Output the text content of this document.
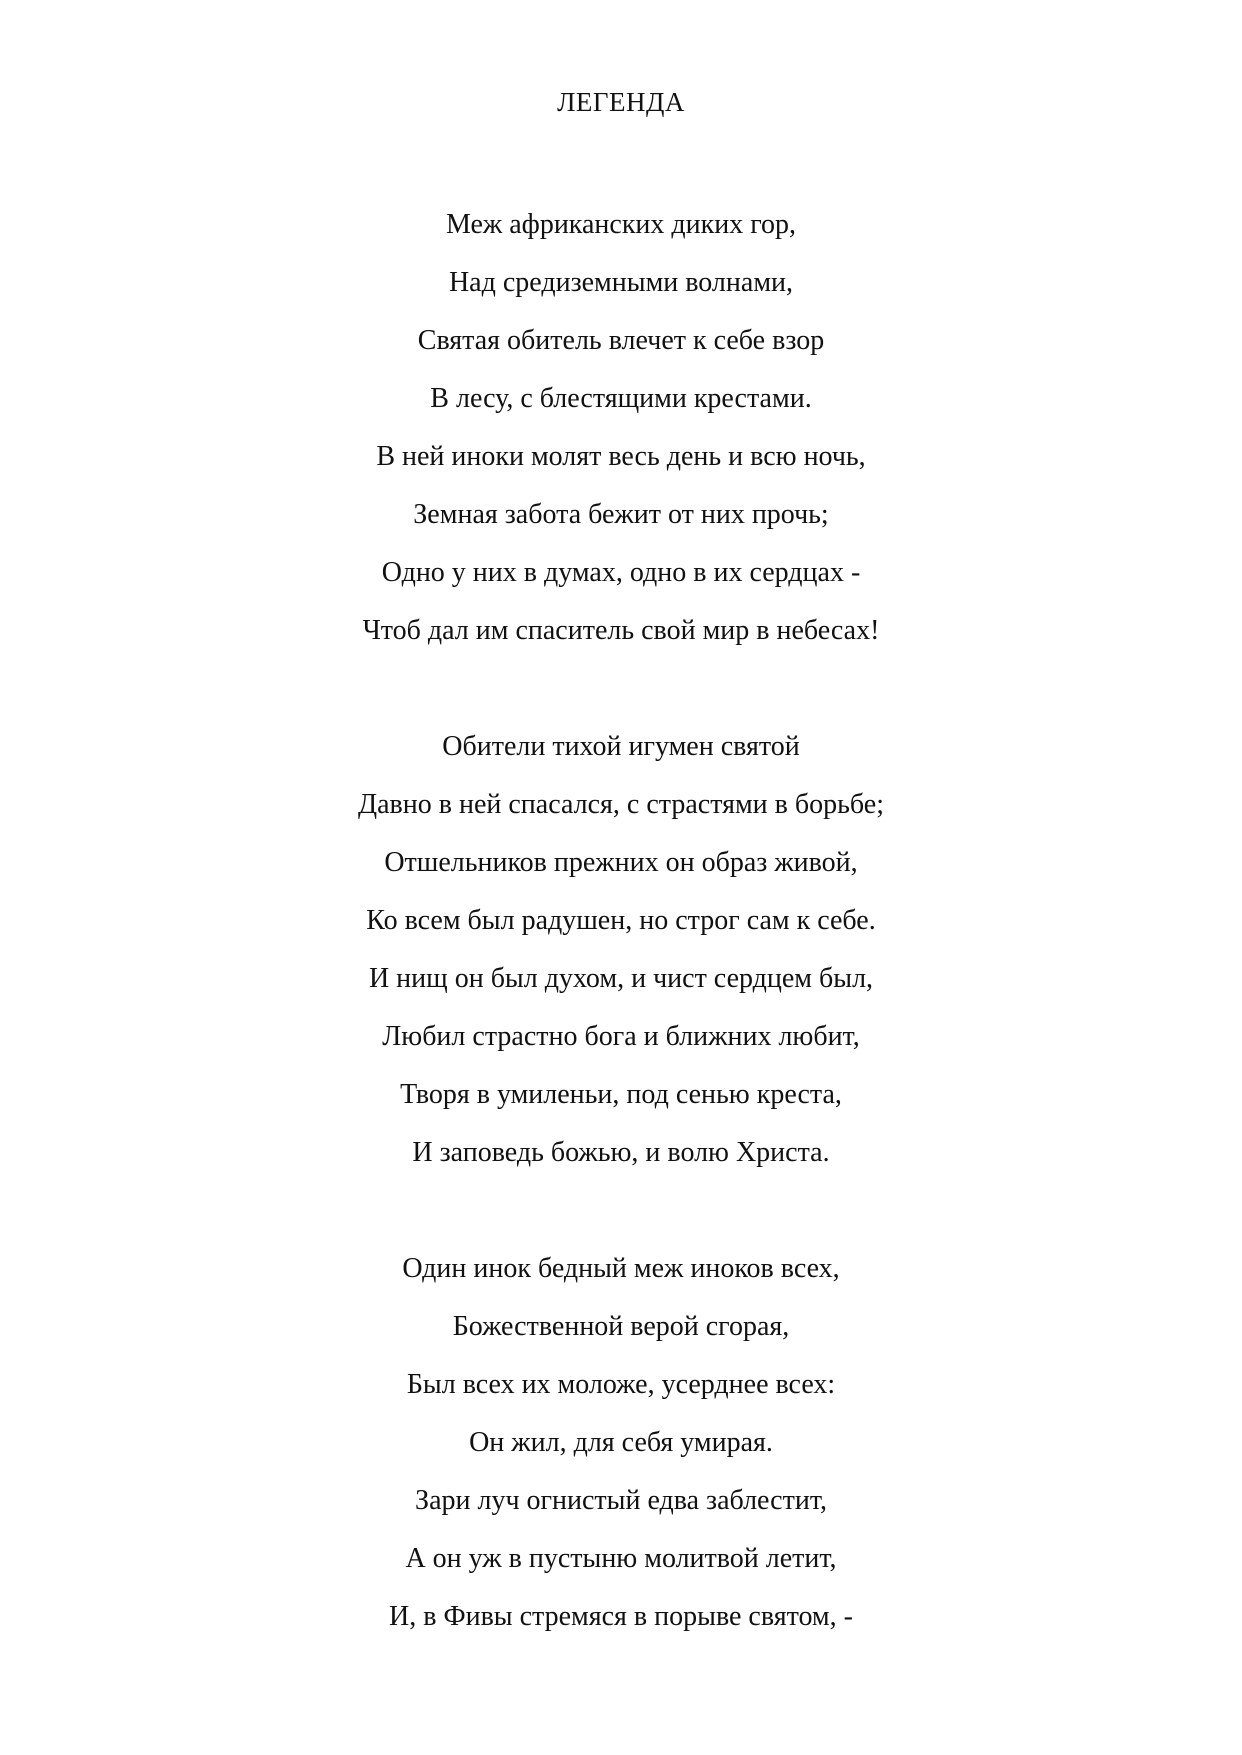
ЛЕГЕНДА
Меж африканских диких гор,
Над средиземными волнами,
Святая обитель влечет к себе взор
В лесу, с блестящими крестами.
В ней иноки молят весь день и всю ночь,
Земная забота бежит от них прочь;
Одно у них в думах, одно в их сердцах -
Чтоб дал им спаситель свой мир в небесах!
Обители тихой игумен святой
Давно в ней спасался, с страстями в борьбе;
Отшельников прежних он образ живой,
Ко всем был радушен, но строг сам к себе.
И нищ он был духом, и чист сердцем был,
Любил страстно бога и ближних любит,
Творя в умиленьи, под сенью креста,
И заповедь божью, и волю Христа.
Один инок бедный меж иноков всех,
Божественной верой сгорая,
Был всех их моложе, усерднее всех:
Он жил, для себя умирая.
Зари луч огнистый едва заблестит,
А он уж в пустыню молитвой летит,
И, в Фивы стремяся в порыве святом, -
